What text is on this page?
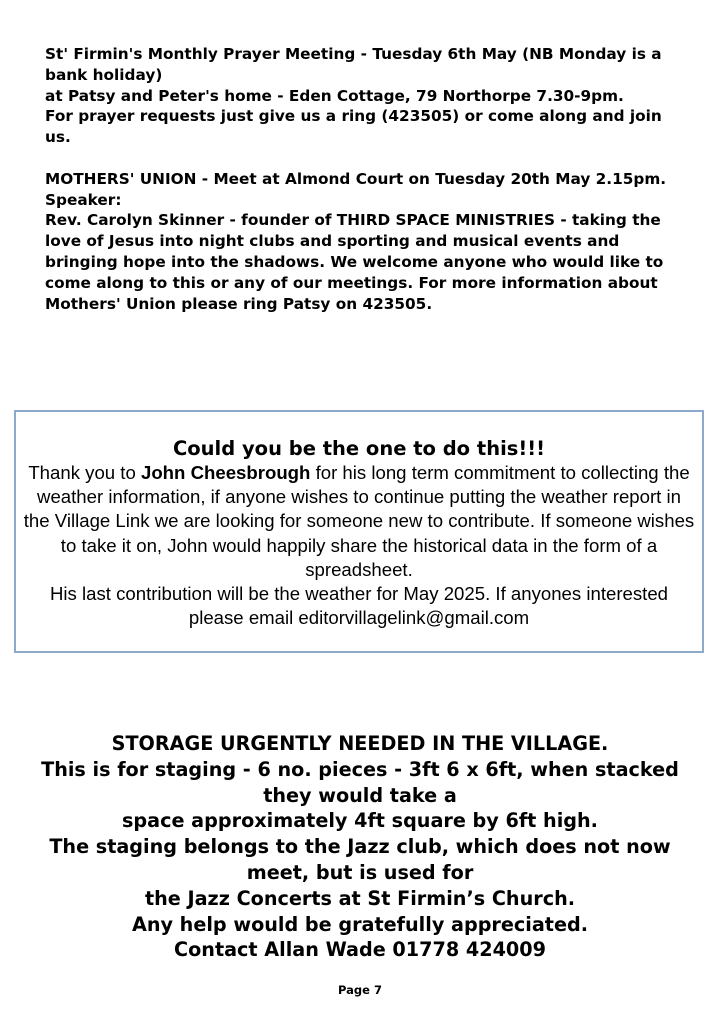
St' Firmin's Monthly Prayer Meeting - Tuesday 6th May (NB Monday is a bank holiday)

at Patsy and Peter's home - Eden Cottage, 79 Northorpe 7.30-9pm.

For prayer requests just give us a ring (423505) or come along and join us.

MOTHERS' UNION - Meet at Almond Court on Tuesday 20th May 2.15pm. Speaker:

Rev. Carolyn Skinner - founder of THIRD SPACE MINISTRIES - taking the love of Jesus into night clubs and sporting and musical events and bringing hope into the shadows. We welcome anyone who would like to come along to this or any of our meetings. For more information about Mothers' Union please ring Patsy on 423505.

Could you be the one to do this!!!

Thank you to John Cheesbrough for his long term commitment to collecting the weather information, if anyone wishes to continue putting the weather report in the Village Link we are looking for someone new to contribute. If someone wishes to take it on, John would happily share the historical data in the form of a spreadsheet.
His last contribution will be the weather for May 2025. If anyones interested please email editorvillagelink@gmail.com

STORAGE URGENTLY NEEDED IN THE VILLAGE.

This is for staging - 6 no. pieces - 3ft 6 x 6ft, when stacked they would take a

space approximately 4ft square by 6ft high.

The staging belongs to the Jazz club, which does not now meet, but is used for

the Jazz Concerts at St Firmin’s Church.

Any help would be gratefully appreciated.

Contact Allan Wade 01778 424009

Page 7
